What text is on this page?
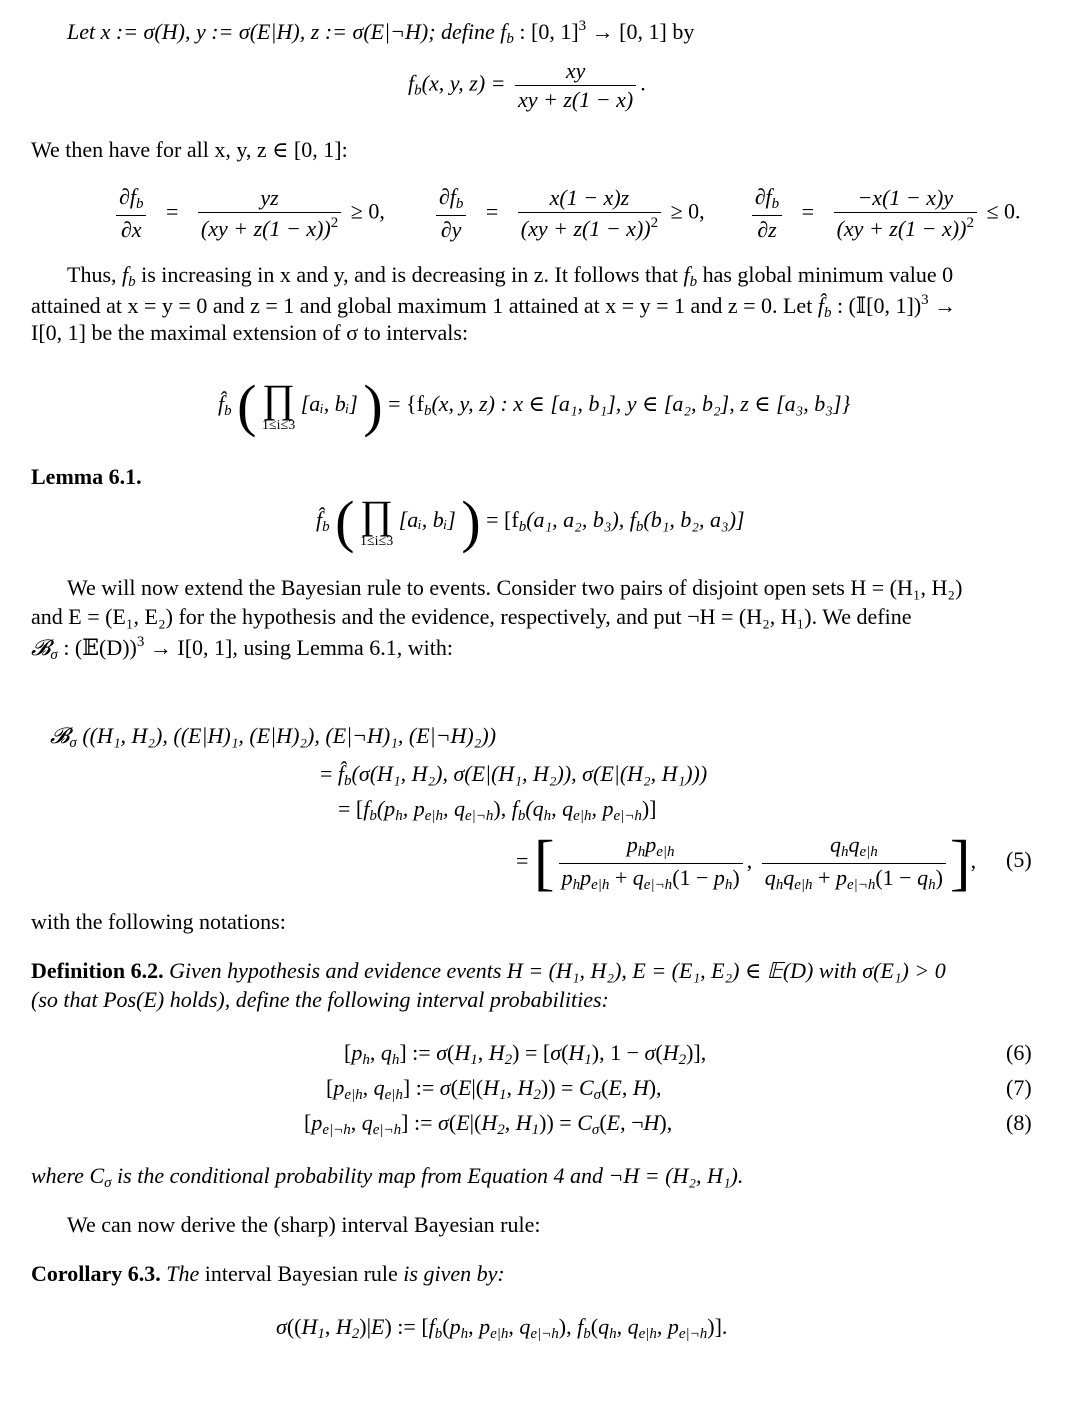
Let x := σ(H), y := σ(E|H), z := σ(E|¬H); define $f_b$ : [0, 1]$^3$ → [0, 1] by
$f_b(x$, y, $z) = \frac{xy}{xy + z(1 - x)}$ .
We then have for all x, y, z ∈ [0, 1]:
$\frac{\partial f_b}{\partial x} = \frac{yz}{(xy + z(1 - x))^2} \ge 0$, $\frac{\partial f_b}{\partial y} = \frac{x(1 - x)z}{(xy + z(1 - x))^2} \ge 0$, $\frac{\partial f_b}{\partial z} = \frac{-x(1 - x)y}{(xy + z(1 - x))^2} \le 0$.
Thus, $f_b$ is increasing in x and y, and is decreasing in z. It follows that $f_b$ has global minimum value 0
attained at x = y = 0 and z = 1 and global maximum 1 attained at x = y = 1 and z = 0. Let $f̂_b$ : (𝕀[0, 1])$^3$ →
I[0, 1] be the maximal extension of σ to intervals:
$f̂_b$ ( ∏
1≤i≤3
[aᵢ, bᵢ] ) = {$f_b(x$, y, z) : x ∈ [a₁, b₁], y ∈ [a₂, b₂], z ∈ [a₃, b₃]}
Lemma 6.1.
$f̂_b$ ( ∏
1≤i≤3
[aᵢ, bᵢ] ) = [$f_b(a_1$, a₂, b₃), $f_b(b_1$, b₂, a₃)]
We will now extend the Bayesian rule to events. Consider two pairs of disjoint open sets H = (H₁, H₂)
and E = (E₁, E₂) for the hypothesis and the evidence, respectively, and put ¬H = (H₂, H₁). We define
𝓑$_\sigma$ : (𝔼(D))$^3$ → I[0, 1], using Lemma 6.1, with:
𝓑$_\sigma$ ((H₁, H₂), ((E|H)₁, (E|H)₂), (E|¬H)₁, (E|¬H)₂))
= $f̂_b(\sigma(H_1$, H₂), σ(E|(H₁, H₂)), σ(E|(H₂, H₁)))
= [$f_b(p_h$, $p_{e|h}$, $q_{e|\neg h}$), $f_b(q_h$, $q_{e|h}$, $p_{e|\neg h}$)]
= [	$p_hp_{e|h}$
$p_hp_{e|h} + q_{e|\neg h}(1 - p_h)$
,
$q_hq_{e|h}$
$q_hq_{e|h} + p_{e|\neg h}(1 - q_h)$ ], (5)
with the following notations:
Definition 6.2. Given hypothesis and evidence events H = (H₁, H₂), E = (E₁, E₂) ∈ 𝔼(D) with σ(E₁) > 0
(so that Pos(E) holds), define the following interval probabilities:
[$p_h$, $q_h$] := $\sigma(H_1$, $H_2) = [\sigma(H_1)$, $1 - \sigma(H_2)$],	(6)
[$p_{e|h}$, $q_{e|h}$] := $\sigma(E|(H_1$, $H_2)) = C_\sigma(E$, H),	(7)
[$p_{e|\neg h}$, $q_{e|\neg h}$] := $\sigma(E|(H_2$, $H_1)) = C_\sigma(E$, ¬H),	(8)
where $C_\sigma$ is the conditional probability map from Equation 4 and ¬H = (H₂, H₁).
We can now derive the (sharp) interval Bayesian rule:
Corollary 6.3. The interval Bayesian rule is given by:
$\sigma((H_1$, $H_2)|E$) := [$f_b(p_h$, $p_{e|h}$, $q_{e|\neg h}$), $f_b(q_h$, $q_{e|h}$, $p_{e|\neg h}$)].
